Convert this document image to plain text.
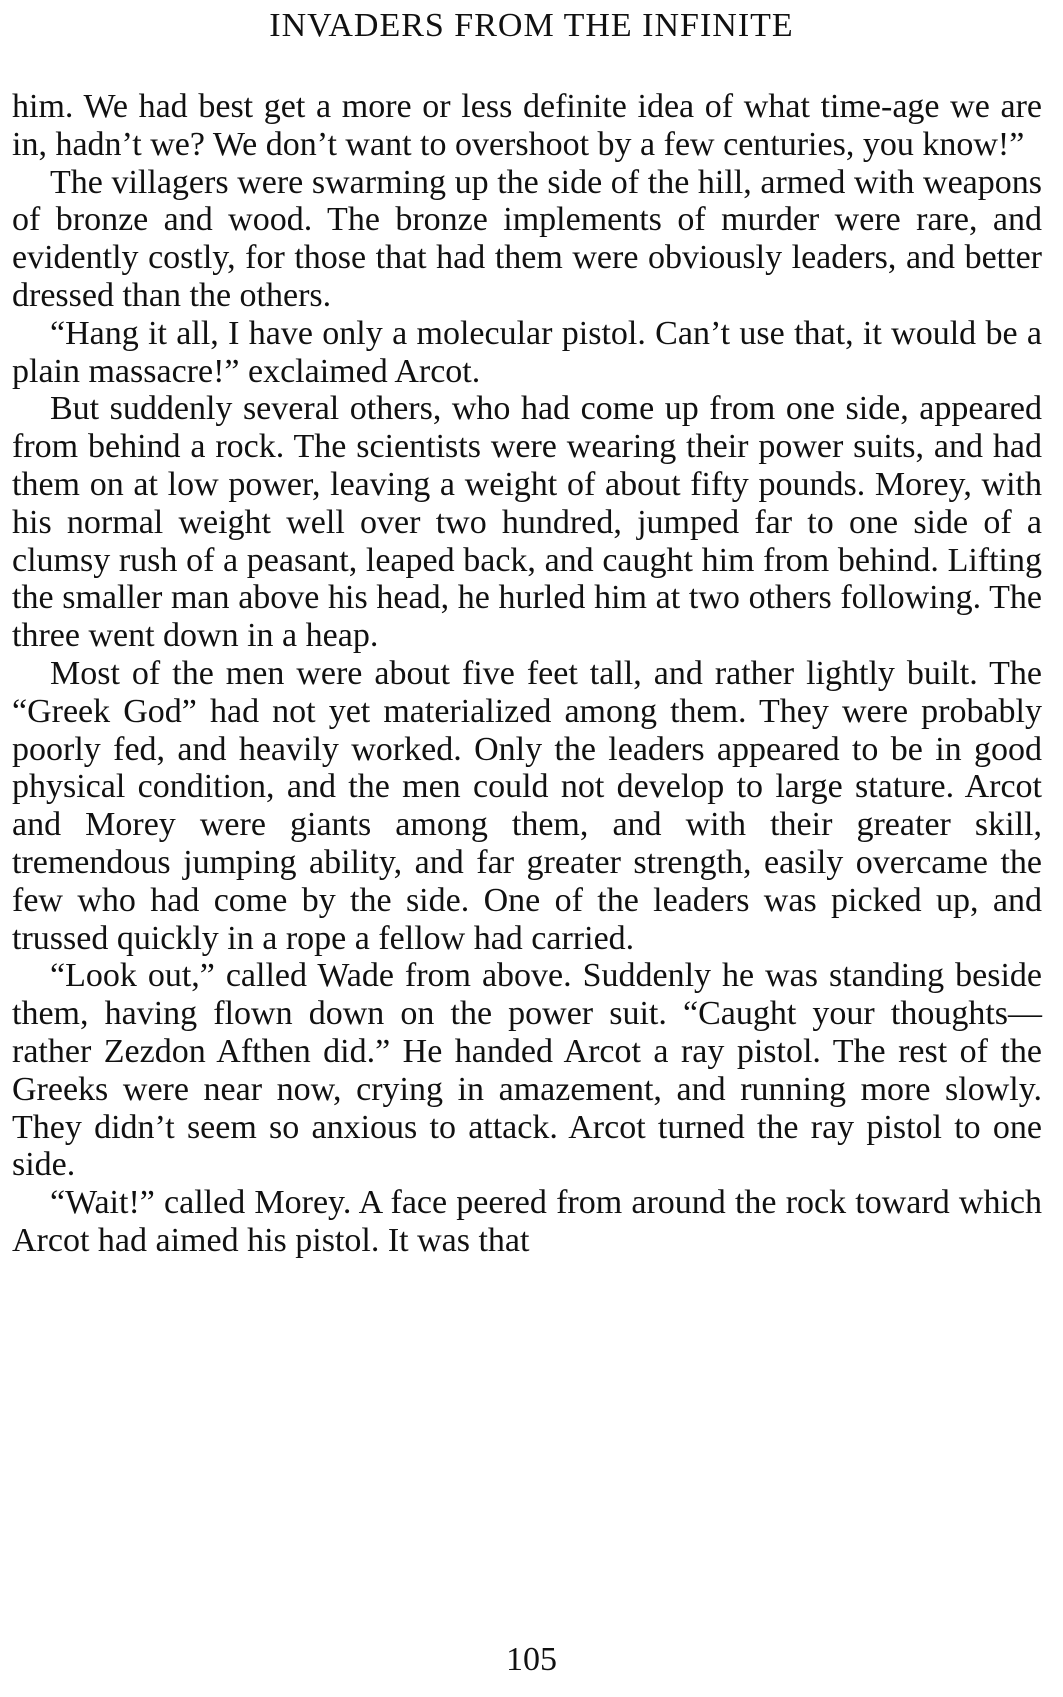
INVADERS FROM THE INFINITE

him. We had best get a more or less definite idea of what time-age we are in, hadn’t we? We don’t want to overshoot by a few centuries, you know!”

The villagers were swarming up the side of the hill, armed with weapons of bronze and wood. The bronze implements of murder were rare, and evidently costly, for those that had them were obviously leaders, and better dressed than the others.

“Hang it all, I have only a molecular pistol. Can’t use that, it would be a plain massacre!” exclaimed Arcot.

But suddenly several others, who had come up from one side, appeared from behind a rock. The scientists were wearing their power suits, and had them on at low power, leaving a weight of about fifty pounds. Morey, with his normal weight well over two hundred, jumped far to one side of a clumsy rush of a peasant, leaped back, and caught him from behind. Lifting the smaller man above his head, he hurled him at two others following. The three went down in a heap.

Most of the men were about five feet tall, and rather lightly built. The “Greek God” had not yet materialized among them. They were probably poorly fed, and heavily worked. Only the leaders appeared to be in good physical condition, and the men could not develop to large stature. Arcot and Morey were giants among them, and with their greater skill, tremendous jumping ability, and far greater strength, easily overcame the few who had come by the side. One of the leaders was picked up, and trussed quickly in a rope a fellow had carried.

“Look out,” called Wade from above. Suddenly he was standing beside them, having flown down on the power suit. “Caught your thoughts—rather Zezdon Afthen did.” He handed Arcot a ray pistol. The rest of the Greeks were near now, crying in amazement, and running more slowly. They didn’t seem so anxious to attack. Arcot turned the ray pistol to one side.

“Wait!” called Morey. A face peered from around the rock toward which Arcot had aimed his pistol. It was that

105
